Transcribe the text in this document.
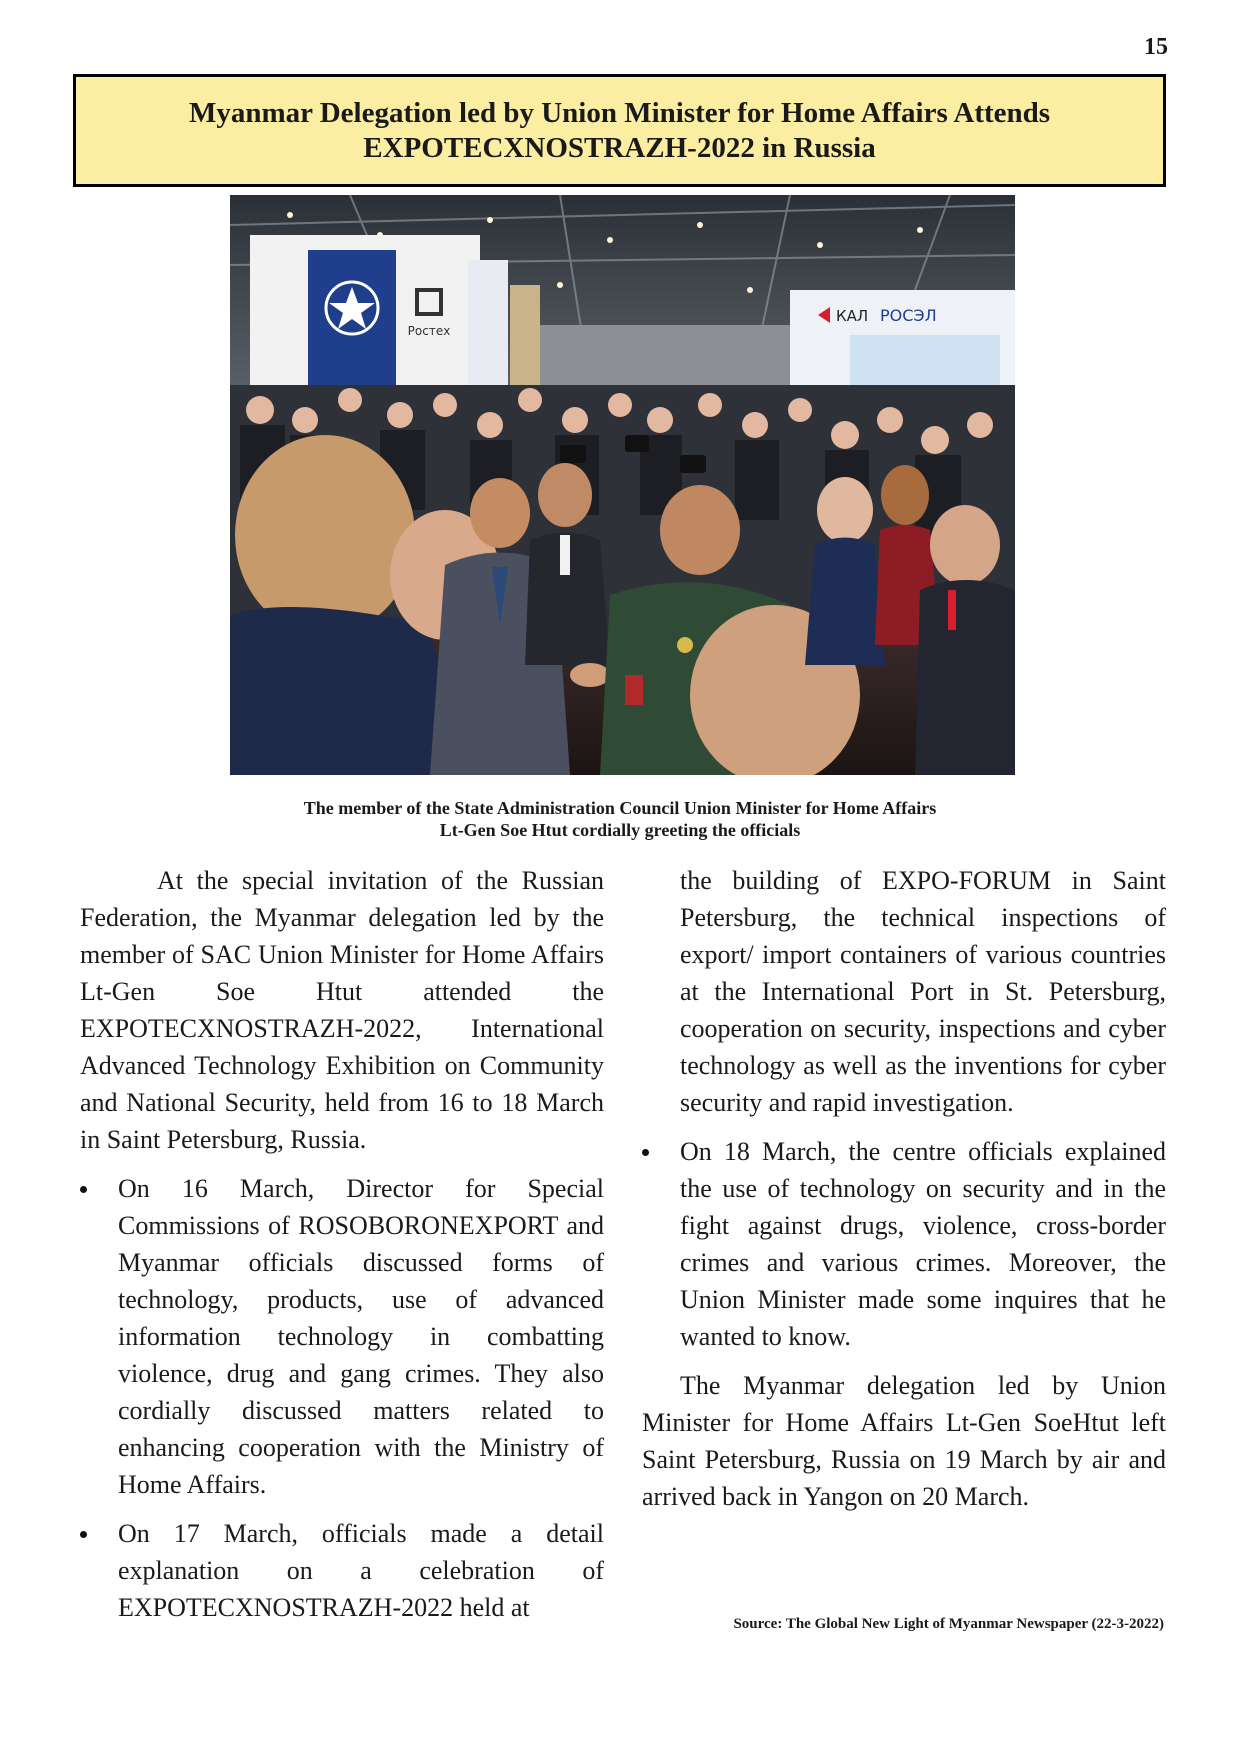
15
Myanmar Delegation led by Union Minister for Home Affairs Attends
EXPOTECXNOSTRAZH-2022 in Russia
Ростех
КАЛ РОСЭЛ
The member of the State Administration Council Union Minister for Home Affairs
Lt-Gen Soe Htut cordially greeting the officials

At the special invitation of the Russian Federation, the Myanmar delegation led by the member of SAC Union Minister for Home Affairs Lt-Gen Soe Htut attended the EXPOTECXNOSTRAZH-2022, International Advanced Technology Exhibition on Community and National Security, held from 16 to 18 March in Saint Petersburg, Russia.

On 16 March, Director for Special Commissions of ROSOBORONEXPORT and Myanmar officials discussed forms of technology, products, use of advanced information technology in combatting violence, drug and gang crimes. They also cordially discussed matters related to enhancing cooperation with the Ministry of Home Affairs.

On 17 March, officials made a detail explanation on a celebration of EXPOTECXNOSTRAZH-2022 held at

the building of EXPO-FORUM in Saint Petersburg, the technical inspections of export/ import containers of various countries at the International Port in St. Petersburg, cooperation on security, inspections and cyber technology as well as the inventions for cyber security and rapid investigation.

On 18 March, the centre officials explained the use of technology on security and in the fight against drugs, violence, cross-border crimes and various crimes. Moreover, the Union Minister made some inquires that he wanted to know.

The Myanmar delegation led by Union Minister for Home Affairs Lt-Gen SoeHtut left Saint Petersburg, Russia on 19 March by air and arrived back in Yangon on 20 March.

Source: The Global New Light of Myanmar Newspaper (22-3-2022)
